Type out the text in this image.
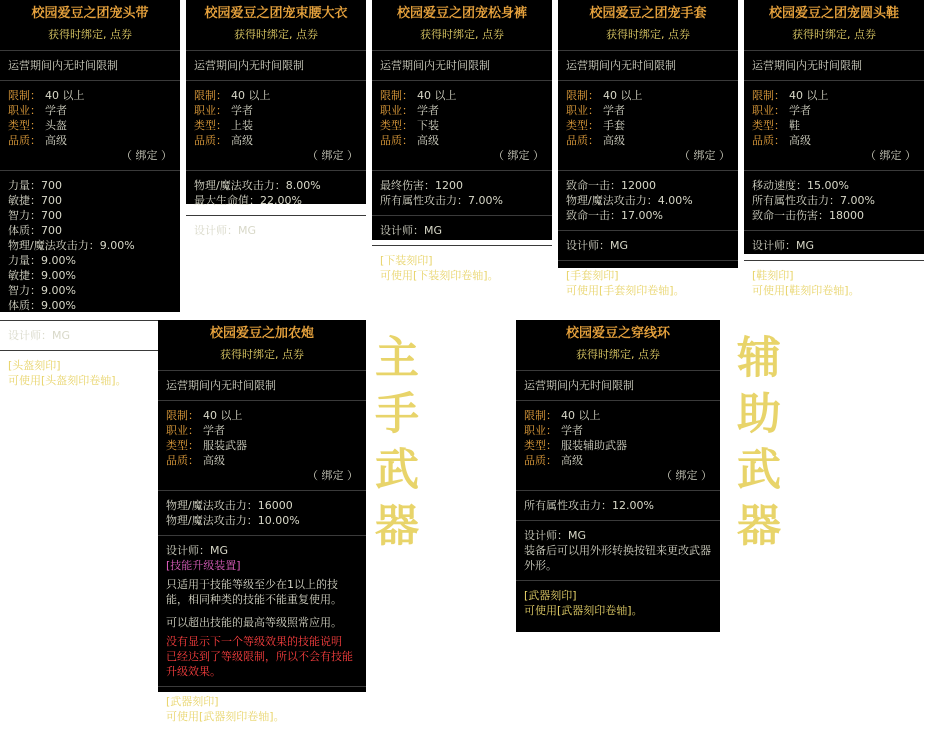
校园爱豆之团宠头带
获得时绑定, 点券
运营期间内无时间限制
限制： 40 以上
职业： 学者
类型： 头盔
品质： 高级
（ 绑定 ）
力量：700
敏捷：700
智力：700
体质：700
物理/魔法攻击力：9.00%
力量：9.00%
敏捷：9.00%
智力：9.00%
体质：9.00%
设计师：MG
[头盔刻印]
可使用[头盔刻印卷轴]。
校园爱豆之团宠束腰大衣
获得时绑定, 点券
运营期间内无时间限制
限制： 40 以上
职业： 学者
类型： 上装
品质： 高级
（ 绑定 ）
物理/魔法攻击力：8.00%
最大生命值：22.00%
设计师：MG
校园爱豆之团宠松身裤
获得时绑定, 点券
运营期间内无时间限制
限制： 40 以上
职业： 学者
类型： 下装
品质： 高级
（ 绑定 ）
最终伤害：1200
所有属性攻击力：7.00%
设计师：MG
[下装刻印]
可使用[下装刻印卷轴]。
校园爱豆之团宠手套
获得时绑定, 点券
运营期间内无时间限制
限制： 40 以上
职业： 学者
类型： 手套
品质： 高级
（ 绑定 ）
致命一击：12000
物理/魔法攻击力：4.00%
致命一击：17.00%
设计师：MG
[手套刻印]
可使用[手套刻印卷轴]。
校园爱豆之团宠圆头鞋
获得时绑定, 点券
运营期间内无时间限制
限制： 40 以上
职业： 学者
类型： 鞋
品质： 高级
（ 绑定 ）
移动速度：15.00%
所有属性攻击力：7.00%
致命一击伤害：18000
设计师：MG
[鞋刻印]
可使用[鞋刻印卷轴]。
校园爱豆之加农炮
获得时绑定, 点券
运营期间内无时间限制
限制： 40 以上
职业： 学者
类型： 服装武器
品质： 高级
（ 绑定 ）
物理/魔法攻击力：16000
物理/魔法攻击力：10.00%
设计师：MG
[技能升级装置]
只适用于技能等级至少在1以上的技能，相同种类的技能不能重复使用。
可以超出技能的最高等级照常应用。
没有显示下一个等级效果的技能说明
已经达到了等级限制，所以不会有技能升级效果。
[武器刻印]
可使用[武器刻印卷轴]。
主手武器
校园爱豆之穿线环
获得时绑定, 点券
运营期间内无时间限制
限制： 40 以上
职业： 学者
类型： 服装辅助武器
品质： 高级
（ 绑定 ）
所有属性攻击力：12.00%
设计师：MG
装备后可以用外形转换按钮来更改武器外形。
[武器刻印]
可使用[武器刻印卷轴]。
辅助武器
